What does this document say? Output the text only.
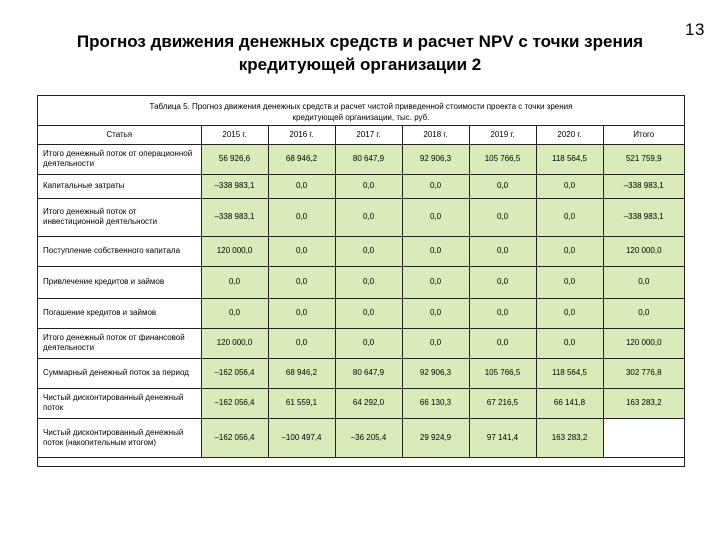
13
Прогноз движения денежных средств и расчет NPV с точки зрения
кредитующей организации 2
Таблица 5. Прогноз движения денежных средств и расчет чистой приведенной стоимости проекта с точки зрения
кредитующей организации, тыс. руб.
Статья	2015 г.	2016 г.	2017 г.	2018 г.	2019 г.	2020 г.	Итого
Итого денежный поток от операционной деятельности	56 926,6	68 946,2	80 647,9	92 906,3	105 766,5	118 564,5	521 759,9
Капитальные затраты	–338 983,1	0,0	0,0	0,0	0,0	0,0	–338 983,1
Итого денежный поток от инвестиционной деятельности	–338 983,1	0,0	0,0	0,0	0,0	0,0	–338 983,1
Поступление собственного капитала	120 000,0	0,0	0,0	0,0	0,0	0,0	120 000,0
Привлечение кредитов и займов	0,0	0,0	0,0	0,0	0,0	0,0	0,0
Погашение кредитов и займов	0,0	0,0	0,0	0,0	0,0	0,0	0,0
Итого денежный поток от финансовой деятельности	120 000,0	0,0	0,0	0,0	0,0	0,0	120 000,0
Суммарный денежный поток за период	–162 056,4	68 946,2	80 647,9	92 906,3	105 766,5	118 564,5	302 776,8
Чистый дисконтированный денежный поток	–162 056,4	61 559,1	64 292,0	66 130,3	67 216,5	66 141,8	163 283,2
Чистый дисконтированный денежный поток (накопительным итогом)	–162 056,4	–100 497,4	–36 205,4	29 924,9	97 141,4	163 283,2	
